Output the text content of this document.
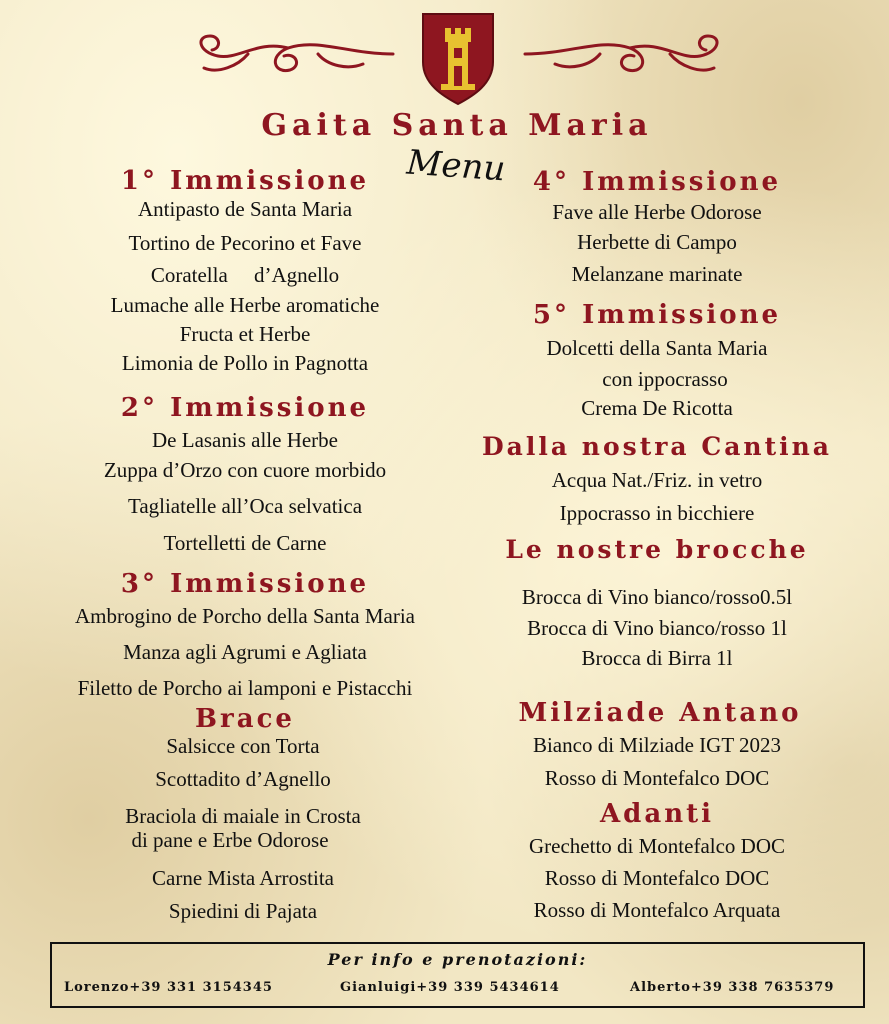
Gaita Santa Maria
Menu
1° Immissione
Antipasto de Santa Maria
Tortino de Pecorino et Fave
Coratella     d’Agnello
Lumache alle Herbe aromatiche
Fructa et Herbe
Limonia de Pollo in Pagnotta
2° Immissione
De Lasanis alle Herbe
Zuppa d’Orzo con cuore morbido
Tagliatelle all’Oca selvatica
Tortelletti de Carne
3° Immissione
Ambrogino de Porcho della Santa Maria
Manza agli Agrumi e Agliata
Filetto de Porcho ai lamponi e Pistacchi
Brace
Salsicce con Torta
Scottadito d’Agnello
Braciola di maiale in Crosta
di pane e Erbe Odorose
Carne Mista Arrostita
Spiedini di Pajata
4° Immissione
Fave alle Herbe Odorose
Herbette di Campo
Melanzane marinate
5° Immissione
Dolcetti della Santa Maria
con ippocrasso
Crema De Ricotta
Dalla nostra Cantina
Acqua Nat./Friz. in vetro
Ippocrasso in bicchiere
Le nostre brocche
Brocca di Vino bianco/rosso0.5l
Brocca di Vino bianco/rosso 1l
Brocca di Birra 1l
Milziade Antano
Bianco di Milziade IGT 2023
Rosso di Montefalco DOC
Adanti
Grechetto di Montefalco DOC
Rosso di Montefalco DOC
Rosso di Montefalco Arquata
Per info e prenotazioni:
Lorenzo+39 331 3154345	Gianluigi+39 339 5434614	Alberto+39 338 7635379
